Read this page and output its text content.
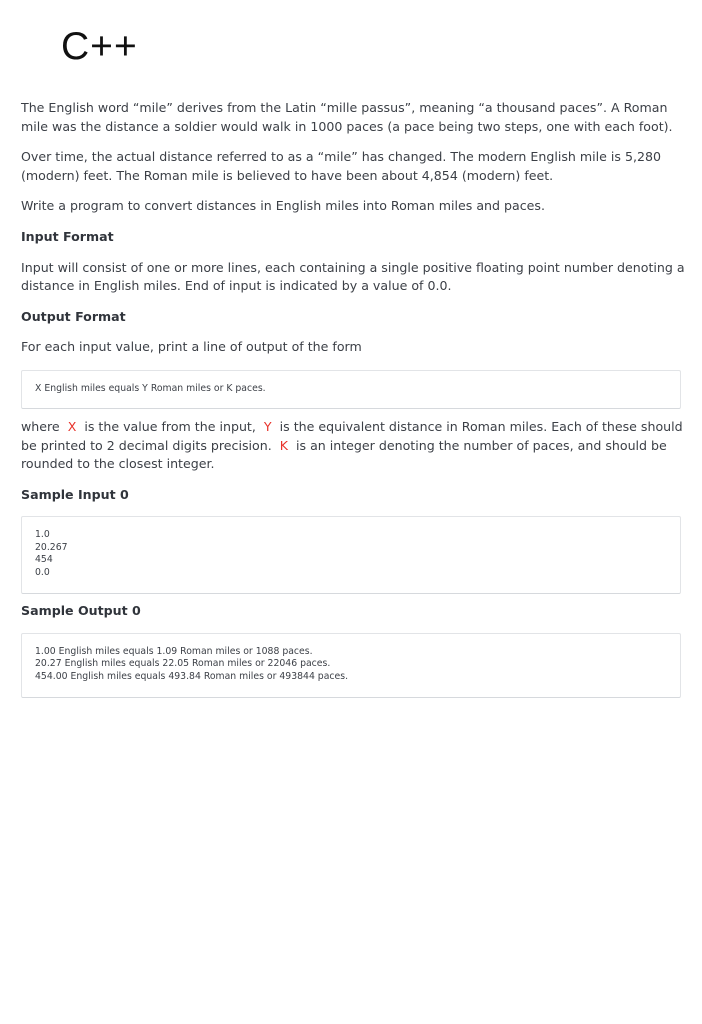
C++

The English word “mile” derives from the Latin “mille passus”, meaning “a thousand paces”. A Roman mile was the distance a soldier would walk in 1000 paces (a pace being two steps, one with each foot).

Over time, the actual distance referred to as a “mile” has changed. The modern English mile is 5,280 (modern) feet. The Roman mile is believed to have been about 4,854 (modern) feet.

Write a program to convert distances in English miles into Roman miles and paces.

Input Format

Input will consist of one or more lines, each containing a single positive floating point number denoting a distance in English miles. End of input is indicated by a value of 0.0.

Output Format

For each input value, print a line of output of the form

X English miles equals Y Roman miles or K paces.

where X is the value from the input, Y is the equivalent distance in Roman miles. Each of these should be printed to 2 decimal digits precision. K is an integer denoting the number of paces, and should be rounded to the closest integer.

Sample Input 0
1.0
20.267
454
0.0
Sample Output 0
1.00 English miles equals 1.09 Roman miles or 1088 paces.
20.27 English miles equals 22.05 Roman miles or 22046 paces.
454.00 English miles equals 493.84 Roman miles or 493844 paces.
